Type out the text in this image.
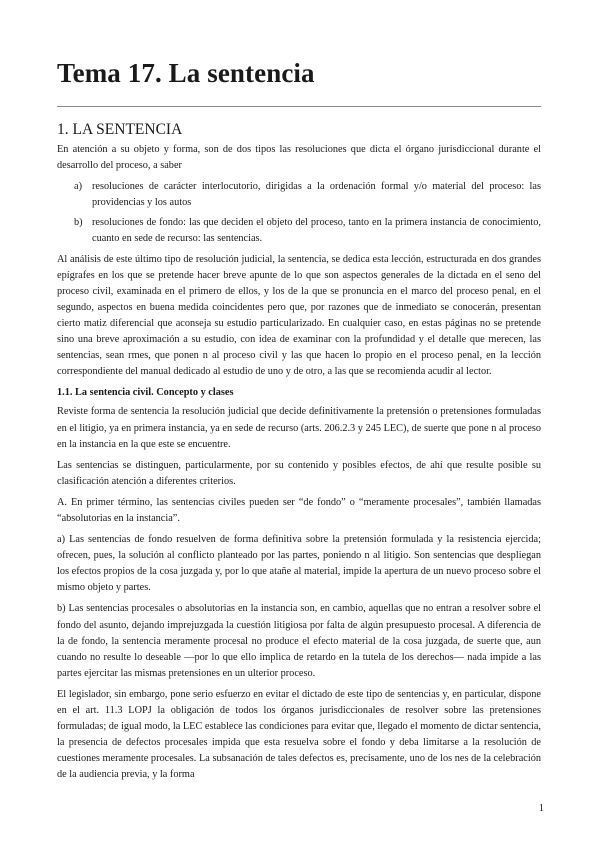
Tema 17. La sentencia
1. LA SENTENCIA

En atención a su objeto y forma, son de dos tipos las resoluciones que dicta el órgano jurisdiccional durante el desarrollo del proceso, a saber

a) resoluciones de carácter interlocutorio, dirigidas a la ordenación formal y/o material del proceso: las providencias y los autos
b) resoluciones de fondo: las que deciden el objeto del proceso, tanto en la primera instancia de conocimiento, cuanto en sede de recurso: las sentencias.

Al análisis de este último tipo de resolución judicial, la sentencia, se dedica esta lección, estructurada en dos grandes epígrafes en los que se pretende hacer breve apunte de lo que son aspectos generales de la dictada en el seno del proceso civil, examinada en el primero de ellos, y los de la que se pronuncia en el marco del proceso penal, en el segundo, aspectos en buena medida coincidentes pero que, por razones que de inmediato se conocerán, presentan cierto matiz diferencial que aconseja su estudio particularizado. En cualquier caso, en estas páginas no se pretende sino una breve aproximación a su estudio, con idea de examinar con la profundidad y el detalle que merecen, las sentencias, sean rmes, que ponen n al proceso civil y las que hacen lo propio en el proceso penal, en la lección correspondiente del manual dedicado al estudio de uno y de otro, a las que se recomienda acudir al lector.

1.1. La sentencia civil. Concepto y clases

Reviste forma de sentencia la resolución judicial que decide definitivamente la pretensión o pretensiones formuladas en el litigio, ya en primera instancia, ya en sede de recurso (arts. 206.2.3 y 245 LEC), de suerte que pone n al proceso en la instancia en la que este se encuentre.

Las sentencias se distinguen, particularmente, por su contenido y posibles efectos, de ahí que resulte posible su clasificación atención a diferentes criterios.

A. En primer término, las sentencias civiles pueden ser “de fondo” o “meramente procesales”, también llamadas “absolutorias en la instancia”.

a) Las sentencias de fondo resuelven de forma definitiva sobre la pretensión formulada y la resistencia ejercida; ofrecen, pues, la solución al conflicto planteado por las partes, poniendo n al litigio. Son sentencias que despliegan los efectos propios de la cosa juzgada y, por lo que atañe al material, impide la apertura de un nuevo proceso sobre el mismo objeto y partes.

b) Las sentencias procesales o absolutorias en la instancia son, en cambio, aquellas que no entran a resolver sobre el fondo del asunto, dejando imprejuzgada la cuestión litigiosa por falta de algún presupuesto procesal. A diferencia de la de fondo, la sentencia meramente procesal no produce el efecto material de la cosa juzgada, de suerte que, aun cuando no resulte lo deseable —por lo que ello implica de retardo en la tutela de los derechos— nada impide a las partes ejercitar las mismas pretensiones en un ulterior proceso.

El legislador, sin embargo, pone serio esfuerzo en evitar el dictado de este tipo de sentencias y, en particular, dispone en el art. 11.3 LOPJ la obligación de todos los órganos jurisdiccionales de resolver sobre las pretensiones formuladas; de igual modo, la LEC establece las condiciones para evitar que, llegado el momento de dictar sentencia, la presencia de defectos procesales impida que esta resuelva sobre el fondo y deba limitarse a la resolución de cuestiones meramente procesales. La subsanación de tales defectos es, precisamente, uno de los nes de la celebración de la audiencia previa, y la forma

1
